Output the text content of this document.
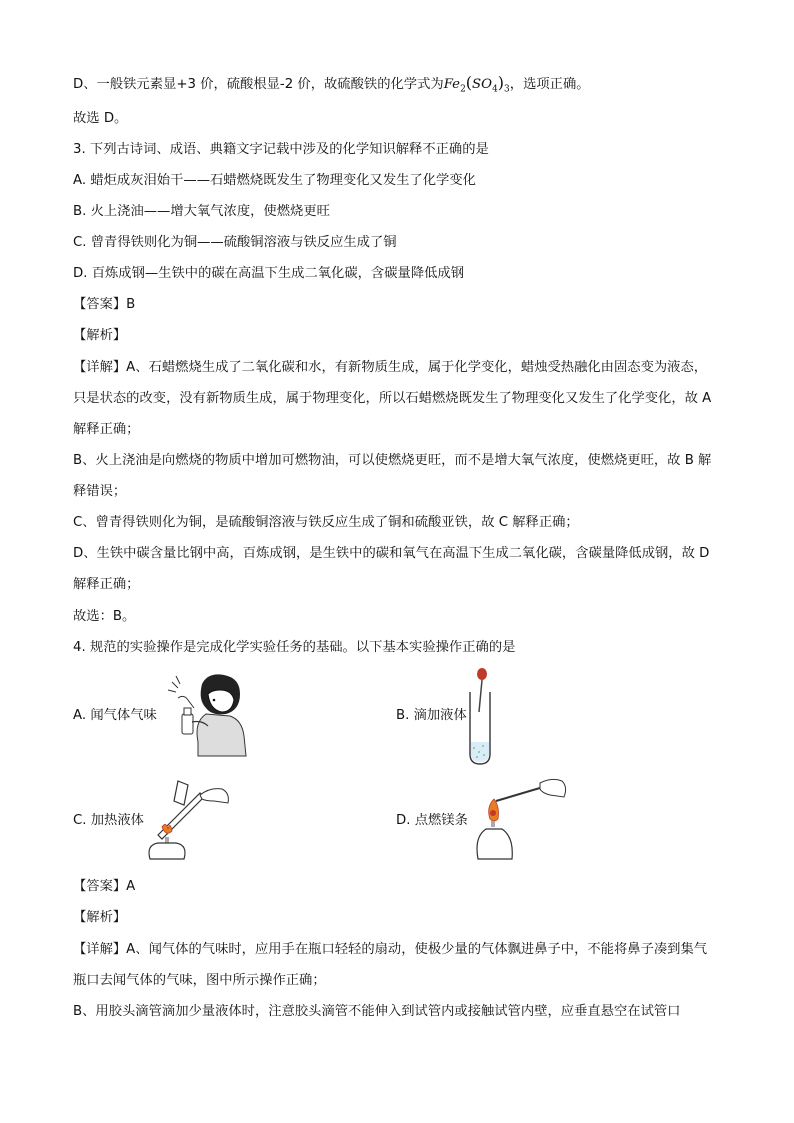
D、一般铁元素显+3 价，硫酸根显-2 价，故硫酸铁的化学式为$Fe_2(SO_4)_3$，选项正确。
故选 D。
3. 下列古诗词、成语、典籍文字记载中涉及的化学知识解释不正确的是
A. 蜡炬成灰泪始干——石蜡燃烧既发生了物理变化又发生了化学变化
B. 火上浇油——增大氧气浓度，使燃烧更旺
C. 曾青得铁则化为铜——硫酸铜溶液与铁反应生成了铜
D. 百炼成钢—生铁中的碳在高温下生成二氧化碳，含碳量降低成钢
【答案】B
【解析】
【详解】A、石蜡燃烧生成了二氧化碳和水，有新物质生成，属于化学变化，蜡烛受热融化由固态变为液态，只是状态的改变，没有新物质生成，属于物理变化，所以石蜡燃烧既发生了物理变化又发生了化学变化，故 A 解释正确；
B、火上浇油是向燃烧的物质中增加可燃物油，可以使燃烧更旺，而不是增大氧气浓度，使燃烧更旺，故 B 解释错误；
C、曾青得铁则化为铜，是硫酸铜溶液与铁反应生成了铜和硫酸亚铁，故 C 解释正确；
D、生铁中碳含量比钢中高，百炼成钢，是生铁中的碳和氧气在高温下生成二氧化碳，含碳量降低成钢，故 D 解释正确；
故选：B。
4. 规范的实验操作是完成化学实验任务的基础。以下基本实验操作正确的是
A. 闻气体气味	B. 滴加液体
C. 加热液体	D. 点燃镁条
【答案】A
【解析】
【详解】A、闻气体的气味时，应用手在瓶口轻轻的扇动，使极少量的气体飘进鼻子中，不能将鼻子凑到集气瓶口去闻气体的气味，图中所示操作正确；
B、用胶头滴管滴加少量液体时，注意胶头滴管不能伸入到试管内或接触试管内壁，应垂直悬空在试管口
